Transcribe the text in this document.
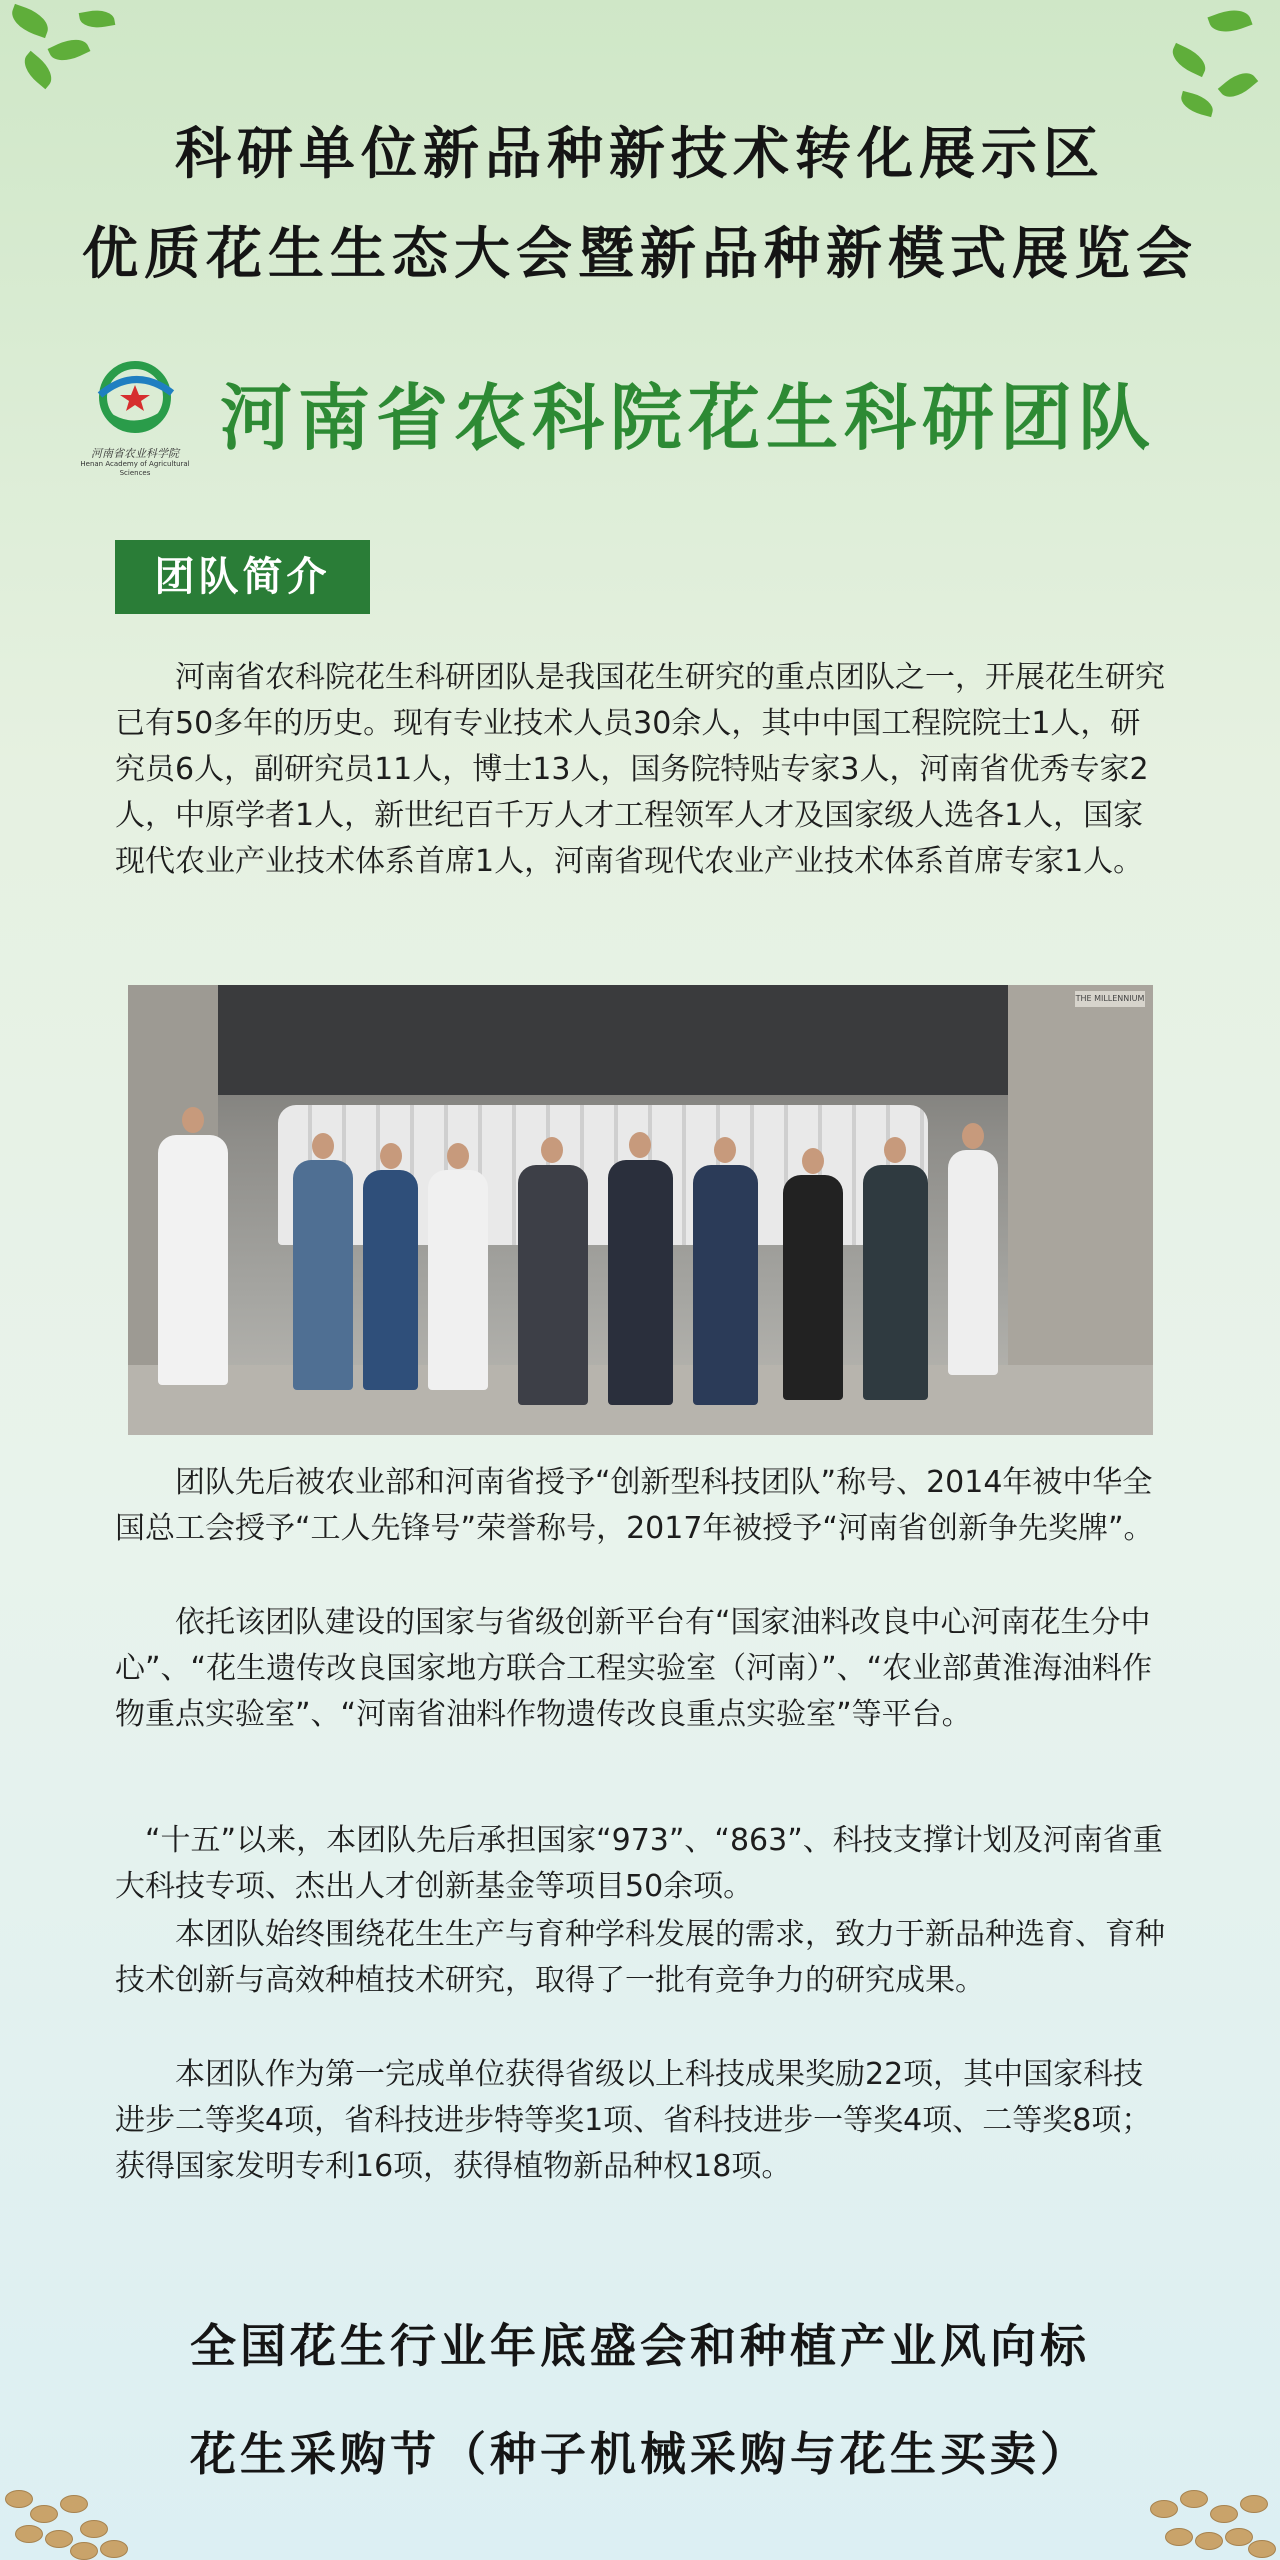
科研单位新品种新技术转化展示区
优质花生生态大会暨新品种新模式展览会
河南省农业科学院
Henan Academy of Agricultural Sciences
河南省农科院花生科研团队
团队简介
河南省农科院花生科研团队是我国花生研究的重点团队之一，开展花生研究已有50多年的历史。现有专业技术人员30余人，其中中国工程院院士1人，研究员6人，副研究员11人，博士13人，国务院特贴专家3人，河南省优秀专家2人，中原学者1人，新世纪百千万人才工程领军人才及国家级人选各1人，国家现代农业产业技术体系首席1人，河南省现代农业产业技术体系首席专家1人。
THE MILLENNIUM
团队先后被农业部和河南省授予“创新型科技团队”称号、2014年被中华全国总工会授予“工人先锋号”荣誉称号，2017年被授予“河南省创新争先奖牌”。
依托该团队建设的国家与省级创新平台有“国家油料改良中心河南花生分中心”、“花生遗传改良国家地方联合工程实验室（河南）”、“农业部黄淮海油料作物重点实验室”、“河南省油料作物遗传改良重点实验室”等平台。
“十五”以来，本团队先后承担国家“973”、“863”、科技支撑计划及河南省重大科技专项、杰出人才创新基金等项目50余项。
本团队始终围绕花生生产与育种学科发展的需求，致力于新品种选育、育种技术创新与高效种植技术研究，取得了一批有竞争力的研究成果。
本团队作为第一完成单位获得省级以上科技成果奖励22项，其中国家科技进步二等奖4项，省科技进步特等奖1项、省科技进步一等奖4项、二等奖8项；获得国家发明专利16项，获得植物新品种权18项。
全国花生行业年底盛会和种植产业风向标
花生采购节（种子机械采购与花生买卖）
